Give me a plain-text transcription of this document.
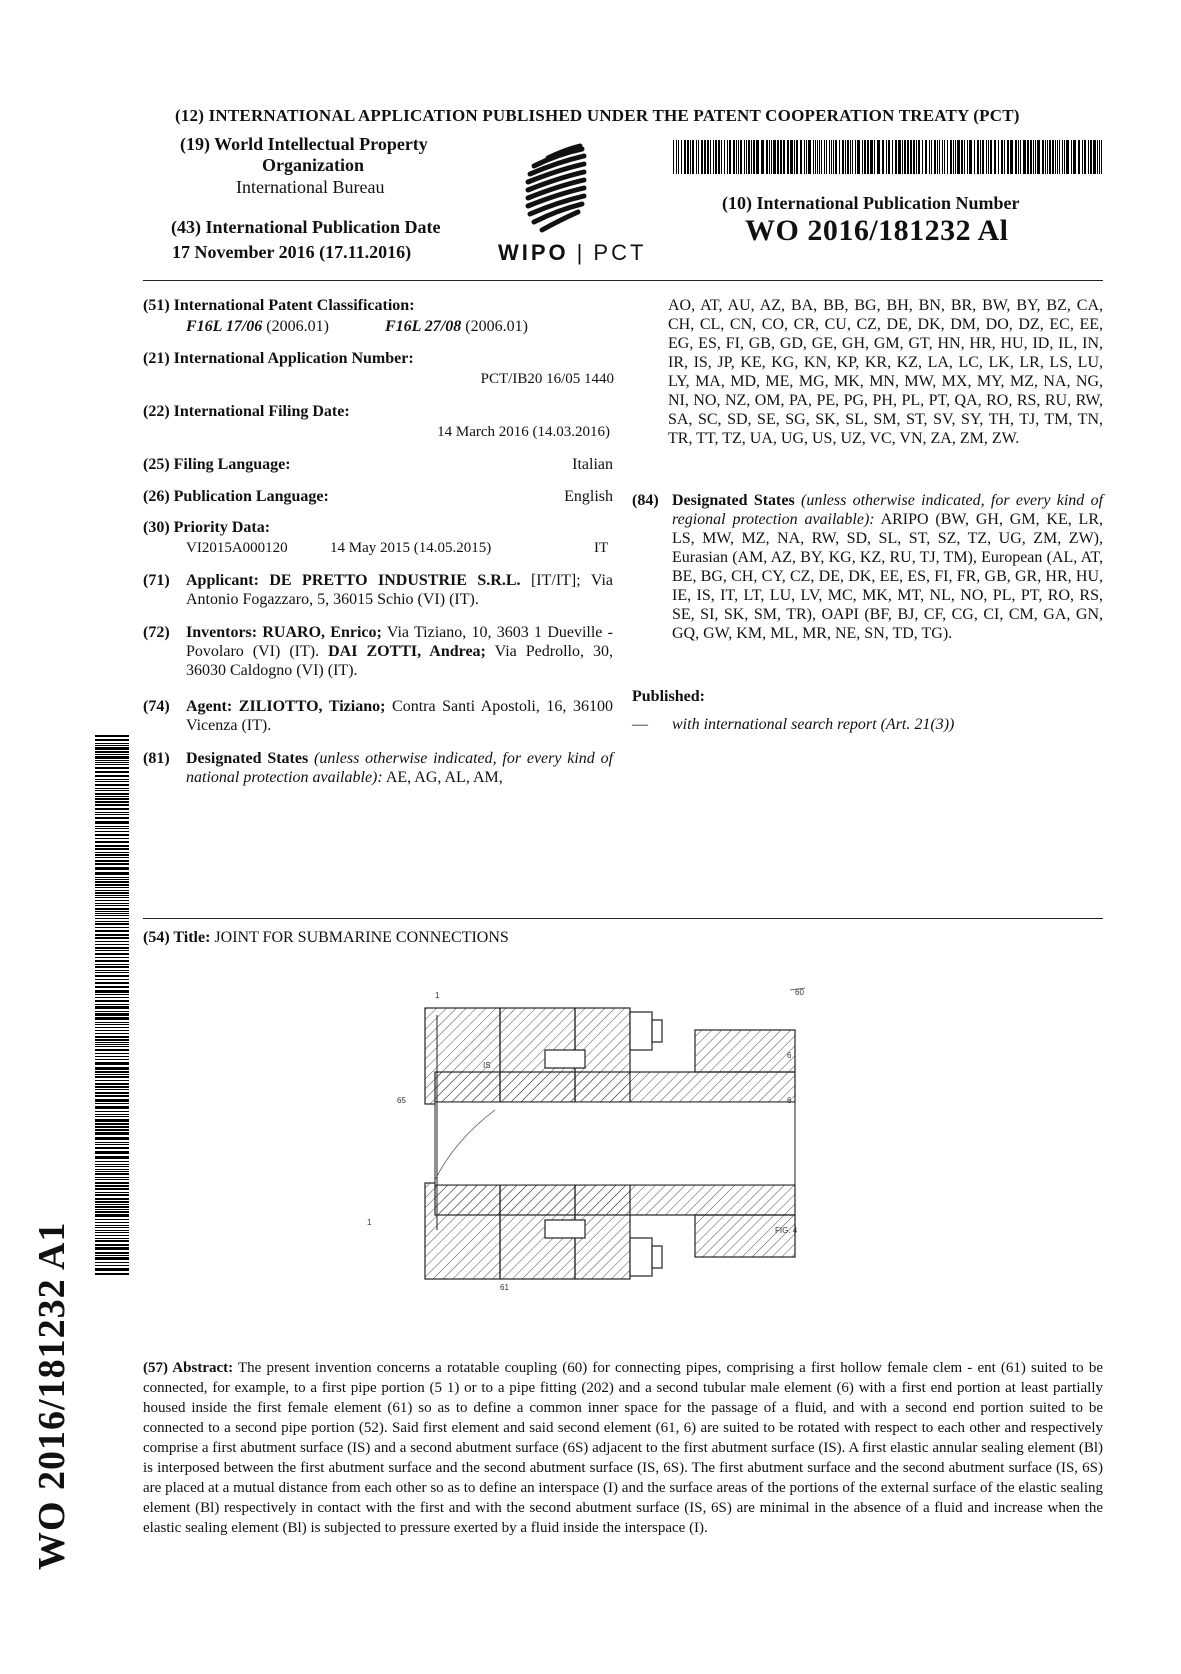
(12) INTERNATIONAL APPLICATION PUBLISHED UNDER THE PATENT COOPERATION TREATY (PCT)
(19) World Intellectual Property
Organization
International Bureau
(43) International Publication Date
17 November 2016 (17.11.2016)	WIPO | PCT
(10) International Publication Number
WO 2016/181232 Al
(51) International Patent Classification:
F16L 17/06 (2006.01)	F16L 27/08 (2006.01)
(21) International Application Number:
PCT/IB20 16/05 1440
(22) International Filing Date:
14 March 2016 (14.03.2016)
(25) Filing Language:	Italian
(26) Publication Language:	English
(30) Priority Data:
VI2015A000120	14 May 2015 (14.05.2015)	IT
(71)	Applicant: DE PRETTO INDUSTRIE S.R.L. [IT/IT]; Via Antonio Fogazzaro, 5, 36015 Schio (VI) (IT).
(72)	Inventors: RUARO, Enrico; Via Tiziano, 10, 3603 1 Dueville - Povolaro (VI) (IT). DAI ZOTTI, Andrea; Via Pedrollo, 30, 36030 Caldogno (VI) (IT).
(74)	Agent: ZILIOTTO, Tiziano; Contra Santi Apostoli, 16, 36100 Vicenza (IT).
(81)	Designated States (unless otherwise indicated, for every kind of national protection available): AE, AG, AL, AM,
AO, AT, AU, AZ, BA, BB, BG, BH, BN, BR, BW, BY, BZ, CA, CH, CL, CN, CO, CR, CU, CZ, DE, DK, DM, DO, DZ, EC, EE, EG, ES, FI, GB, GD, GE, GH, GM, GT, HN, HR, HU, ID, IL, IN, IR, IS, JP, KE, KG, KN, KP, KR, KZ, LA, LC, LK, LR, LS, LU, LY, MA, MD, ME, MG, MK, MN, MW, MX, MY, MZ, NA, NG, NI, NO, NZ, OM, PA, PE, PG, PH, PL, PT, QA, RO, RS, RU, RW, SA, SC, SD, SE, SG, SK, SL, SM, ST, SV, SY, TH, TJ, TM, TN, TR, TT, TZ, UA, UG, US, UZ, VC, VN, ZA, ZM, ZW.
(84) Designated States (unless otherwise indicated, for every kind of regional protection available): ARIPO (BW, GH, GM, KE, LR, LS, MW, MZ, NA, RW, SD, SL, ST, SZ, TZ, UG, ZM, ZW), Eurasian (AM, AZ, BY, KG, KZ, RU, TJ, TM), European (AL, AT, BE, BG, CH, CY, CZ, DE, DK, EE, ES, FI, FR, GB, GR, HR, HU, IE, IS, IT, LT, LU, LV, MC, MK, MT, NL, NO, PL, PT, RO, RS, SE, SI, SK, SM, TR), OAPI (BF, BJ, CF, CG, CI, CM, GA, GN, GQ, GW, KM, ML, MR, NE, SN, TD, TG).
Published:
— with international search report (Art. 21(3))
WO 2016/181232 A1
(54) Title: JOINT FOR SUBMARINE CONNECTIONS
60
1
6
6
65
IS
1
61
FIG. 4
(57) Abstract: The present invention concerns a rotatable coupling (60) for connecting pipes, comprising a first hollow female clem - ent (61) suited to be connected, for example, to a first pipe portion (5 1) or to a pipe fitting (202) and a second tubular male element (6) with a first end portion at least partially housed inside the first female element (61) so as to define a common inner space for the passage of a fluid, and with a second end portion suited to be connected to a second pipe portion (52). Said first element and said second element (61, 6) are suited to be rotated with respect to each other and respectively comprise a first abutment surface (IS) and a second abutment surface (6S) adjacent to the first abutment surface (IS). A first elastic annular sealing element (Bl) is interposed between the first abutment surface and the second abutment surface (IS, 6S). The first abutment surface and the second abutment surface (IS, 6S) are placed at a mutual distance from each other so as to define an interspace (I) and the surface areas of the portions of the external surface of the elastic sealing element (Bl) respectively in contact with the first and with the second abutment surface (IS, 6S) are minimal in the absence of a fluid and increase when the elastic sealing element (Bl) is subjected to pressure exerted by a fluid inside the interspace (I).
